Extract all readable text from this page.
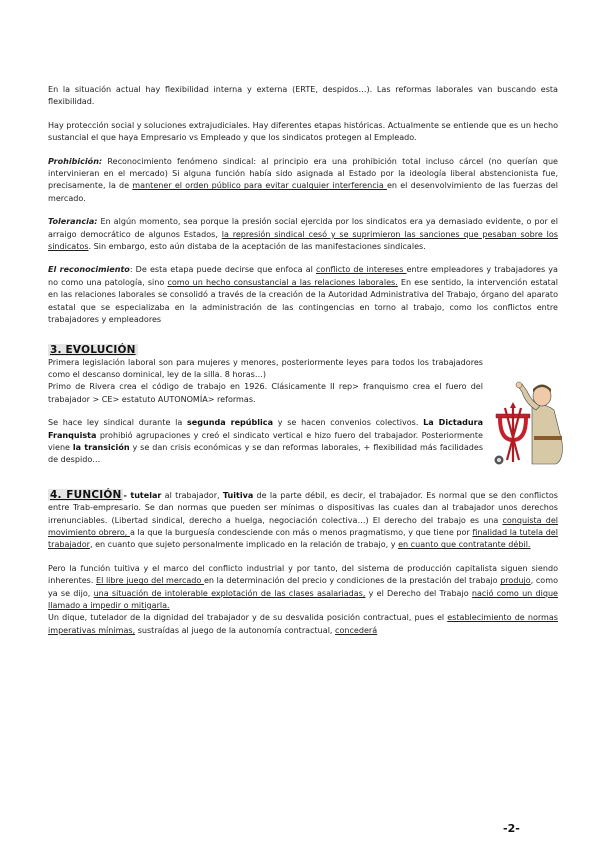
En la situación actual hay flexibilidad interna y externa (ERTE, despidos…). Las reformas laborales van buscando esta flexibilidad.

Hay protección social y soluciones extrajudiciales. Hay diferentes etapas históricas. Actualmente se entiende que es un hecho sustancial el que haya Empresario vs Empleado y que los sindicatos protegen al Empleado.

Prohibición: Reconocimiento fenómeno sindical: al principio era una prohibición total incluso cárcel (no querían que intervinieran en el mercado) Si alguna función había sido asignada al Estado por la ideología liberal abstencionista fue, precisamente, la de mantener el orden público para evitar cualquier interferencia en el desenvolvimiento de las fuerzas del mercado.

Tolerancia: En algún momento, sea porque la presión social ejercida por los sindicatos era ya demasiado evidente, o por el arraigo democrático de algunos Estados, la represión sindical cesó y se suprimieron las sanciones que pesaban sobre los sindicatos. Sin embargo, esto aún distaba de la aceptación de las manifestaciones sindicales.

El reconocimiento: De esta etapa puede decirse que enfoca al conflicto de intereses entre empleadores y trabajadores ya no como una patología, sino como un hecho consustancial a las relaciones laborales. En ese sentido, la intervención estatal en las relaciones laborales se consolidó a través de la creación de la Autoridad Administrativa del Trabajo, órgano del aparato estatal que se especializaba en la administración de las contingencias en torno al trabajo, como los conflictos entre trabajadores y empleadores

3. EVOLUCIÓN

Primera legislación laboral son para mujeres y menores, posteriormente leyes para todos los trabajadores como el descanso dominical, ley de la silla. 8 horas…)

Primo de Rivera crea el código de trabajo en 1926. Clásicamente II rep> franquismo crea el fuero del trabajador > CE> estatuto AUTONOMÍA> reformas.

Se hace ley sindical durante la segunda república y se hacen convenios colectivos. La Dictadura Franquista prohibió agrupaciones y creó el sindicato vertical e hizo fuero del trabajador. Posteriormente viene la transición y se dan crisis económicas y se dan reformas laborales, + flexibilidad más facilidades de despido…

4. FUNCIÓN - tutelar al trabajador, Tuitiva de la parte débil, es decir, el trabajador. Es normal que se den conflictos entre Trab-empresario. Se dan normas que pueden ser mínimas o dispositivas las cuales dan al trabajador unos derechos irrenunciables. (Libertad sindical, derecho a huelga, negociación colectiva…) El derecho del trabajo es una conquista del movimiento obrero, a la que la burguesía condesciende con más o menos pragmatismo, y que tiene por finalidad la tutela del trabajador, en cuanto que sujeto personalmente implicado en la relación de trabajo, y en cuanto que contratante débil.

Pero la función tuitiva y el marco del conflicto industrial y por tanto, del sistema de producción capitalista siguen siendo inherentes. El libre juego del mercado en la determinación del precio y condiciones de la prestación del trabajo produjo, como ya se dijo, una situación de intolerable explotación de las clases asalariadas, y el Derecho del Trabajo nació como un dique llamado a impedir o mitigarla.

Un dique, tutelador de la dignidad del trabajador y de su desvalida posición contractual, pues el establecimiento de normas imperativas mínimas, sustraídas al juego de la autonomía contractual, concederá

-2-
